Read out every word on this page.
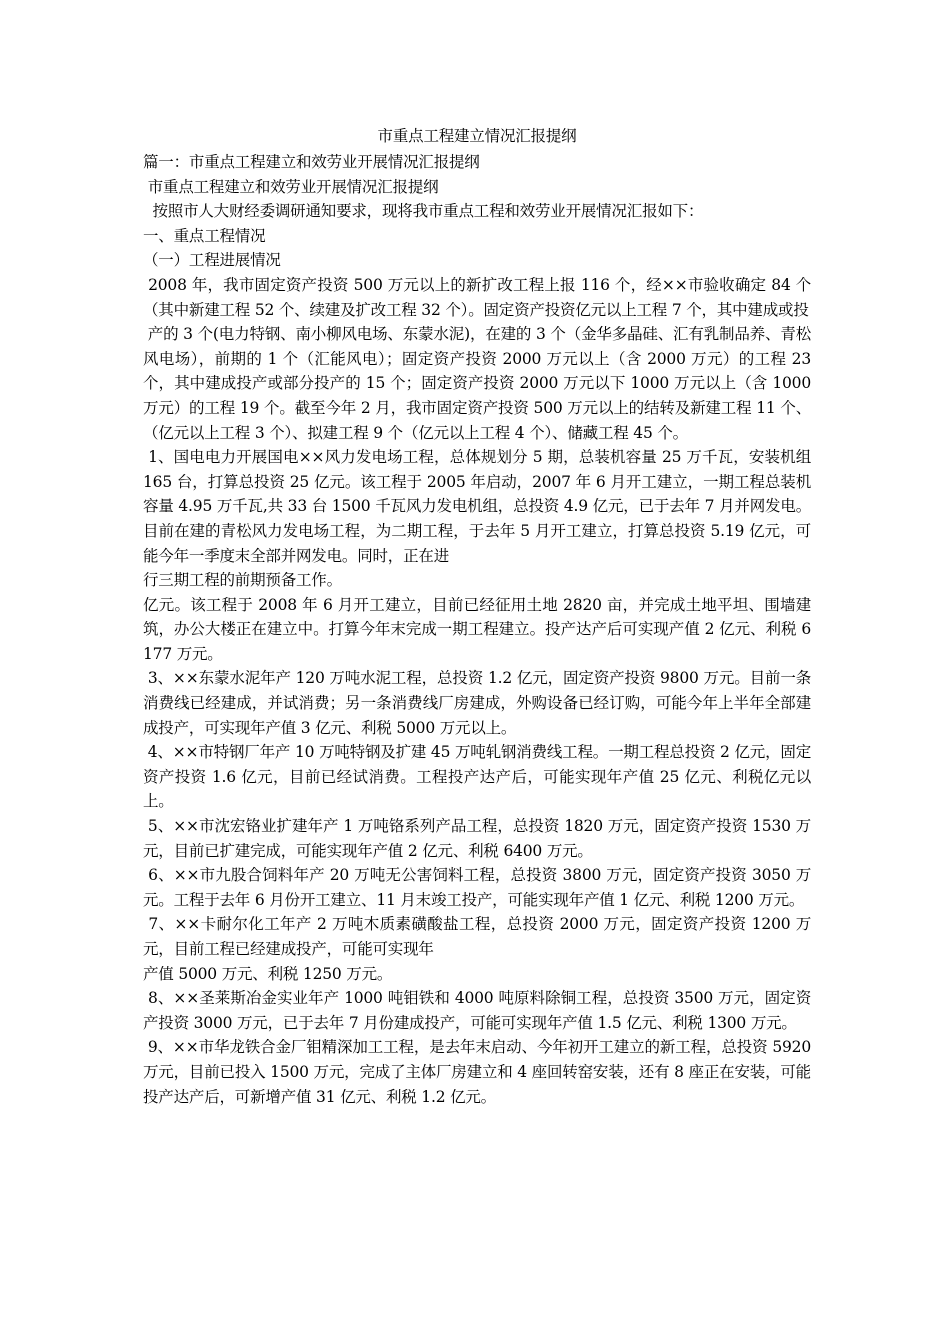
市重点工程建立情况汇报提纲

篇一：市重点工程建立和效劳业开展情况汇报提纲

市重点工程建立和效劳业开展情况汇报提纲

按照市人大财经委调研通知要求，现将我市重点工程和效劳业开展情况汇报如下：

一、重点工程情况

（一）工程进展情况

2008 年，我市固定资产投资 500 万元以上的新扩改工程上报 116 个，经××市验收确定 84 个（其中新建工程 52 个、续建及扩改工程 32 个）。固定资产投资亿元以上工程 7 个，其中建成或投

产的 3 个(电力特钢、南小柳风电场、东蒙水泥)，在建的 3 个（金华多晶硅、汇有乳制品养、青松风电场），前期的 1 个（汇能风电）；固定资产投资 2000 万元以上（含 2000 万元）的工程 23 个，其中建成投产或部分投产的 15 个；固定资产投资 2000 万元以下 1000 万元以上（含 1000 万元）的工程 19 个。截至今年 2 月，我市固定资产投资 500 万元以上的结转及新建工程 11 个、（亿元以上工程 3 个）、拟建工程 9 个（亿元以上工程 4 个）、储藏工程 45 个。

1、国电电力开展国电××风力发电场工程，总体规划分 5 期，总装机容量 25 万千瓦，安装机组 165 台，打算总投资 25 亿元。该工程于 2005 年启动，2007 年 6 月开工建立，一期工程总装机容量 4.95 万千瓦,共 33 台 1500 千瓦风力发电机组，总投资 4.9 亿元，已于去年 7 月并网发电。目前在建的青松风力发电场工程，为二期工程，于去年 5 月开工建立，打算总投资 5.19 亿元，可能今年一季度末全部并网发电。同时，正在进

行三期工程的前期预备工作。

亿元。该工程于 2008 年 6 月开工建立，目前已经征用土地 2820 亩，并完成土地平坦、围墙建筑，办公大楼正在建立中。打算今年末完成一期工程建立。投产达产后可实现产值 2 亿元、利税 6177 万元。

3、××东蒙水泥年产 120 万吨水泥工程，总投资 1.2 亿元，固定资产投资 9800 万元。目前一条消费线已经建成，并试消费；另一条消费线厂房建成，外购设备已经订购，可能今年上半年全部建成投产，可实现年产值 3 亿元、利税 5000 万元以上。

4、××市特钢厂年产 10 万吨特钢及扩建 45 万吨轧钢消费线工程。一期工程总投资 2 亿元，固定资产投资 1.6 亿元，目前已经试消费。工程投产达产后，可能实现年产值 25 亿元、利税亿元以上。

5、××市沈宏铬业扩建年产 1 万吨铬系列产品工程，总投资 1820 万元，固定资产投资 1530 万元，目前已扩建完成，可能实现年产值 2 亿元、利税 6400 万元。

6、××市九股合饲料年产 20 万吨无公害饲料工程，总投资 3800 万元，固定资产投资 3050 万元。工程于去年 6 月份开工建立、11 月末竣工投产，可能实现年产值 1 亿元、利税 1200 万元。

7、××卡耐尔化工年产 2 万吨木质素磺酸盐工程，总投资 2000 万元，固定资产投资 1200 万元，目前工程已经建成投产，可能可实现年

产值 5000 万元、利税 1250 万元。

8、××圣莱斯冶金实业年产 1000 吨钼铁和 4000 吨原料除铜工程，总投资 3500 万元，固定资产投资 3000 万元，已于去年 7 月份建成投产，可能可实现年产值 1.5 亿元、利税 1300 万元。

9、××市华龙铁合金厂钼精深加工工程，是去年末启动、今年初开工建立的新工程，总投资 5920 万元，目前已投入 1500 万元，完成了主体厂房建立和 4 座回转窑安装，还有 8 座正在安装，可能投产达产后，可新增产值 31 亿元、利税 1.2 亿元。
